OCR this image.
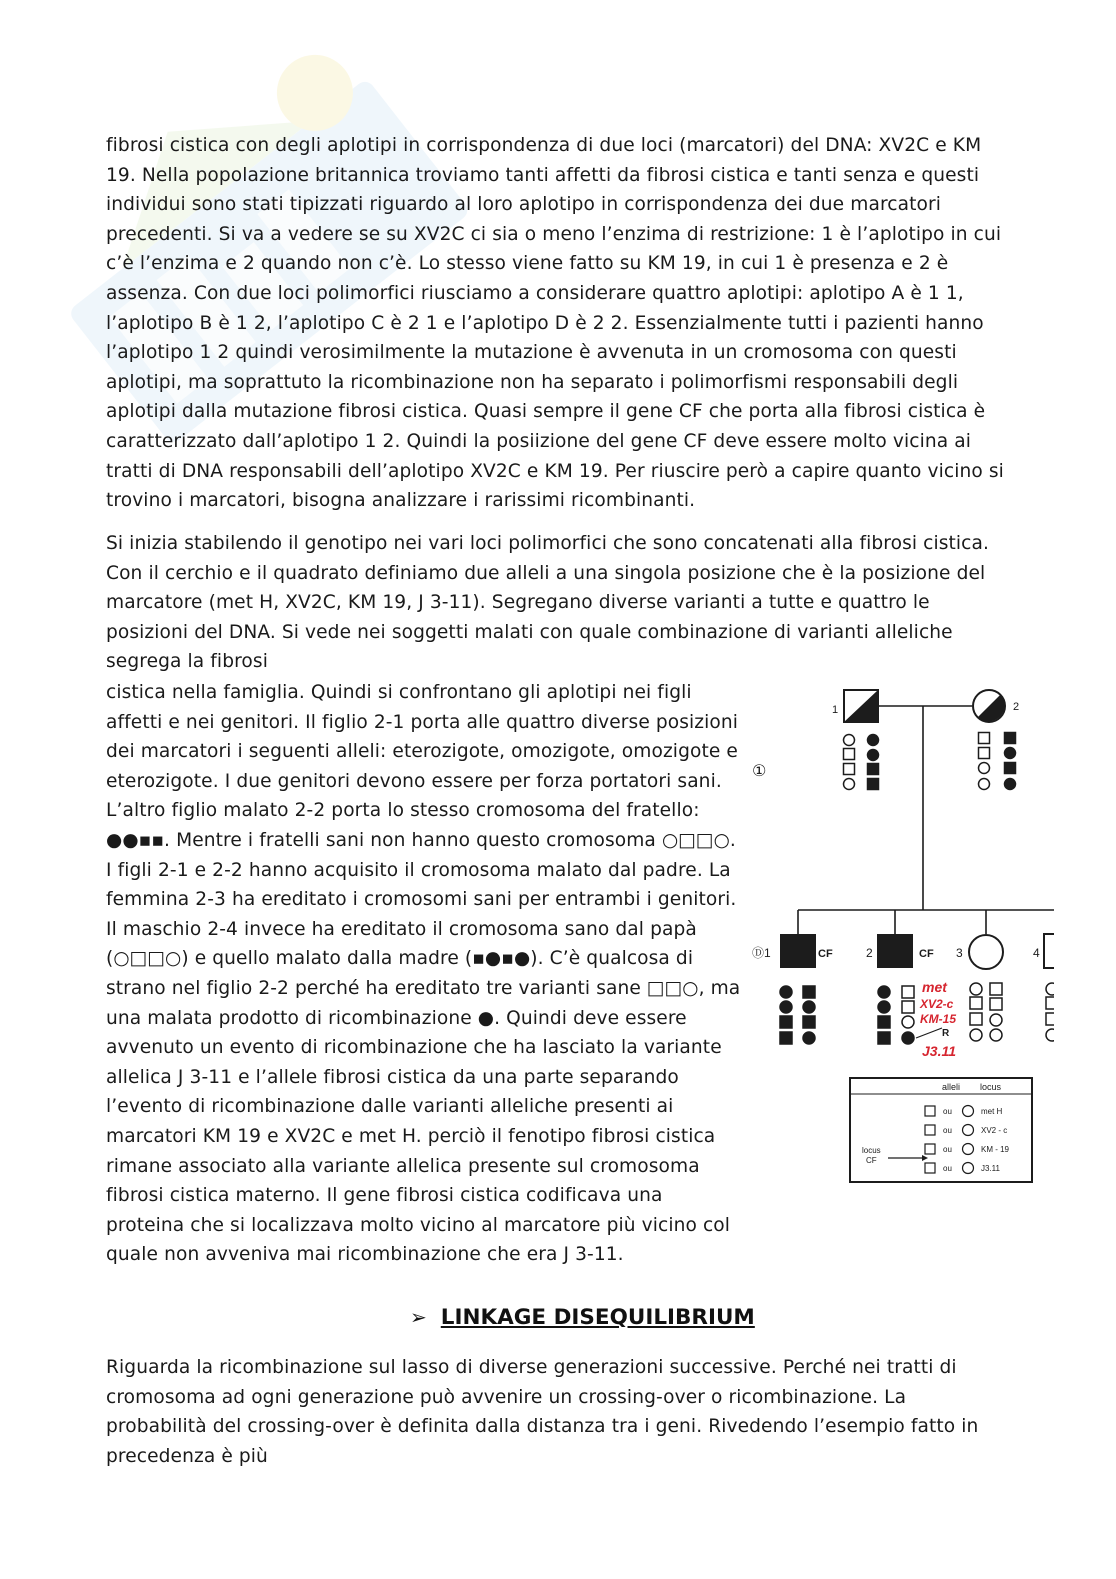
fibrosi cistica con degli aplotipi in corrispondenza di due loci (marcatori) del DNA: XV2C e KM 19. Nella popolazione britannica troviamo tanti affetti da fibrosi cistica e tanti senza e questi individui sono stati tipizzati riguardo al loro aplotipo in corrispondenza dei due marcatori precedenti. Si va a vedere se su XV2C ci sia o meno l’enzima di restrizione: 1 è l’aplotipo in cui c’è l’enzima e 2 quando non c’è. Lo stesso viene fatto su KM 19, in cui 1 è presenza e 2 è assenza. Con due loci polimorfici riusciamo a considerare quattro aplotipi: aplotipo A è 1 1, l’aplotipo B è 1 2, l’aplotipo C è 2 1 e l’aplotipo D è 2 2. Essenzialmente tutti i pazienti hanno l’aplotipo 1 2 quindi verosimilmente la mutazione è avvenuta in un cromosoma con questi aplotipi, ma soprattuto la ricombinazione non ha separato i polimorfismi responsabili degli aplotipi dalla mutazione fibrosi cistica. Quasi sempre il gene CF che porta alla fibrosi cistica è caratterizzato dall’aplotipo 1 2. Quindi la posiizione del gene CF deve essere molto vicina ai tratti di DNA responsabili dell’aplotipo XV2C e KM 19. Per riuscire però a capire quanto vicino si trovino i marcatori, bisogna analizzare i rarissimi ricombinanti.

Si inizia stabilendo il genotipo nei vari loci polimorfici che sono concatenati alla fibrosi cistica. Con il cerchio e il quadrato definiamo due alleli a una singola posizione che è la posizione del marcatore (met H, XV2C, KM 19, J 3-11). Segregano diverse varianti a tutte e quattro le posizioni del DNA. Si vede nei soggetti malati con quale combinazione di varianti alleliche segrega la fibrosi

cistica nella famiglia. Quindi si confrontano gli aplotipi nei figli affetti e nei genitori. Il figlio 2-1 porta alle quattro diverse posizioni dei marcatori i seguenti alleli: eterozigote, omozigote, omozigote e eterozigote. I due genitori devono essere per forza portatori sani. L’altro figlio malato 2-2 porta lo stesso cromosoma del fratello: ●●▪▪. Mentre i fratelli sani non hanno questo cromosoma ○□□○. I figli 2-1 e 2-2 hanno acquisito il cromosoma malato dal padre. La femmina 2-3 ha ereditato i cromosomi sani per entrambi i genitori. Il maschio 2-4 invece ha ereditato il cromosoma sano dal papà (○□□○) e quello malato dalla madre (▪●▪●). C’è qualcosa di strano nel figlio 2-2 perché ha ereditato tre varianti sane □□○, ma una malata prodotto di ricombinazione ●. Quindi deve essere avvenuto un evento di ricombinazione che ha lasciato la variante allelica J 3-11 e l’allele fibrosi cistica da una parte separando l’evento di ricombinazione dalle varianti alleliche presenti ai marcatori KM 19 e XV2C e met H. perciò il fenotipo fibrosi cistica rimane associato alla variante allelica presente sul cromosoma fibrosi cistica materno. Il gene fibrosi cistica codificava una proteina che si localizzava molto vicino al marcatore più vicino col quale non avveniva mai ricombinazione che era J 3-11.

➢ LINKAGE DISEQUILIBRIUM

Riguarda la ricombinazione sul lasso di diverse generazioni successive. Perché nei tratti di cromosoma ad ogni generazione può avvenire un crossing-over o ricombinazione. La probabilità del crossing-over è definita dalla distanza tra i geni. Rivedendo l’esempio fatto in precedenza è più

1	2
①
Ⓓ1	2	3	4
CF	CF
met
XV2-c
KM-15
J3.11
R
alleli locus
ou
ou
ou
ou
met H
XV2 - c
KM - 19
J3.11
locus
CF
